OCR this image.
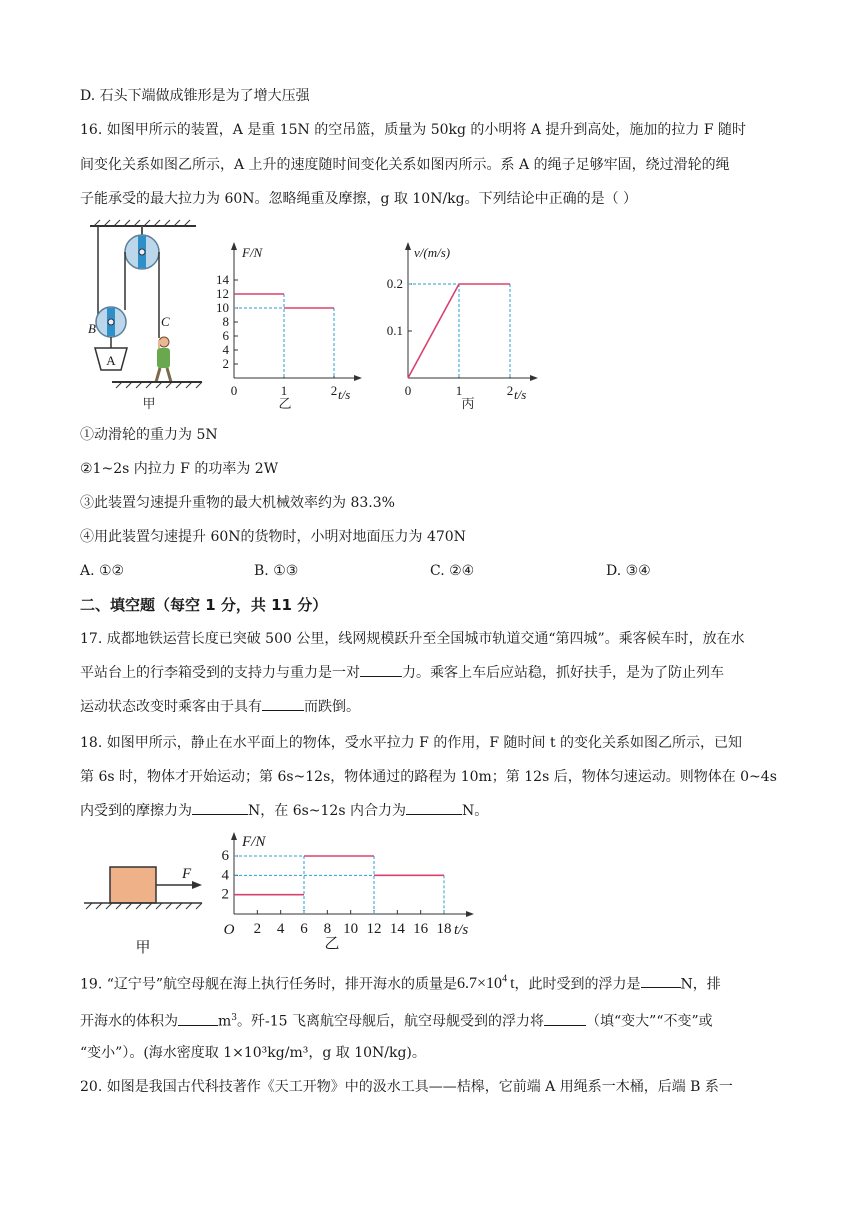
D. 石头下端做成锥形是为了增大压强
16. 如图甲所示的装置，A 是重 15N 的空吊篮，质量为 50kg 的小明将 A 提升到高处，施加的拉力 F 随时
间变化关系如图乙所示，A 上升的速度随时间变化关系如图丙所示。系 A 的绳子足够牢固，绕过滑轮的绳
子能承受的最大拉力为 60N。忽略绳重及摩擦，g 取 10N/kg。下列结论中正确的是（ ）
A
B	C
甲
F/N
t/s
2
4
6
8
10
12
14
0	1	2
乙
v/(m/s)
t/s
0.1
0.2
0	1	2
丙
①动滑轮的重力为 5N
②1~2s 内拉力 F 的功率为 2W
③此装置匀速提升重物的最大机械效率约为 83.3%
④用此装置匀速提升 60N的货物时，小明对地面压力为 470N
A. ①②	B. ①③	C. ②④	D. ③④
二、填空题（每空 1 分，共 11 分）
17. 成都地铁运营长度已突破 500 公里，线网规模跃升至全国城市轨道交通“第四城”。乘客候车时，放在水
平站台上的行李箱受到的支持力与重力是一对	力。乘客上车后应站稳，抓好扶手，是为了防止列车
运动状态改变时乘客由于具有	而跌倒。
18. 如图甲所示，静止在水平面上的物体，受水平拉力 F 的作用，F 随时间 t 的变化关系如图乙所示，已知
第 6s 时，物体才开始运动；第 6s~12s，物体通过的路程为 10m；第 12s 后，物体匀速运动。则物体在 0~4s
内受到的摩擦力为	N，在 6s~12s 内合力为	N。
F
甲
F/N
t/s
O
2
4
6
2 4 6 8 10 12 14 16 18
乙
19. “辽宁号”航空母舰在海上执行任务时，排开海水的质量是$6.7\times 10^4$ t，此时受到的浮力是	N，排
开海水的体积为	$m^3$。歼-15 飞离航空母舰后，航空母舰受到的浮力将	（填“变大”“不变”或
“变小”）。(海水密度取 1×10³kg/m³，g 取 10N/kg)。
20. 如图是我国古代科技著作《天工开物》中的汲水工具——桔槔，它前端 A 用绳系一木桶，后端 B 系一
